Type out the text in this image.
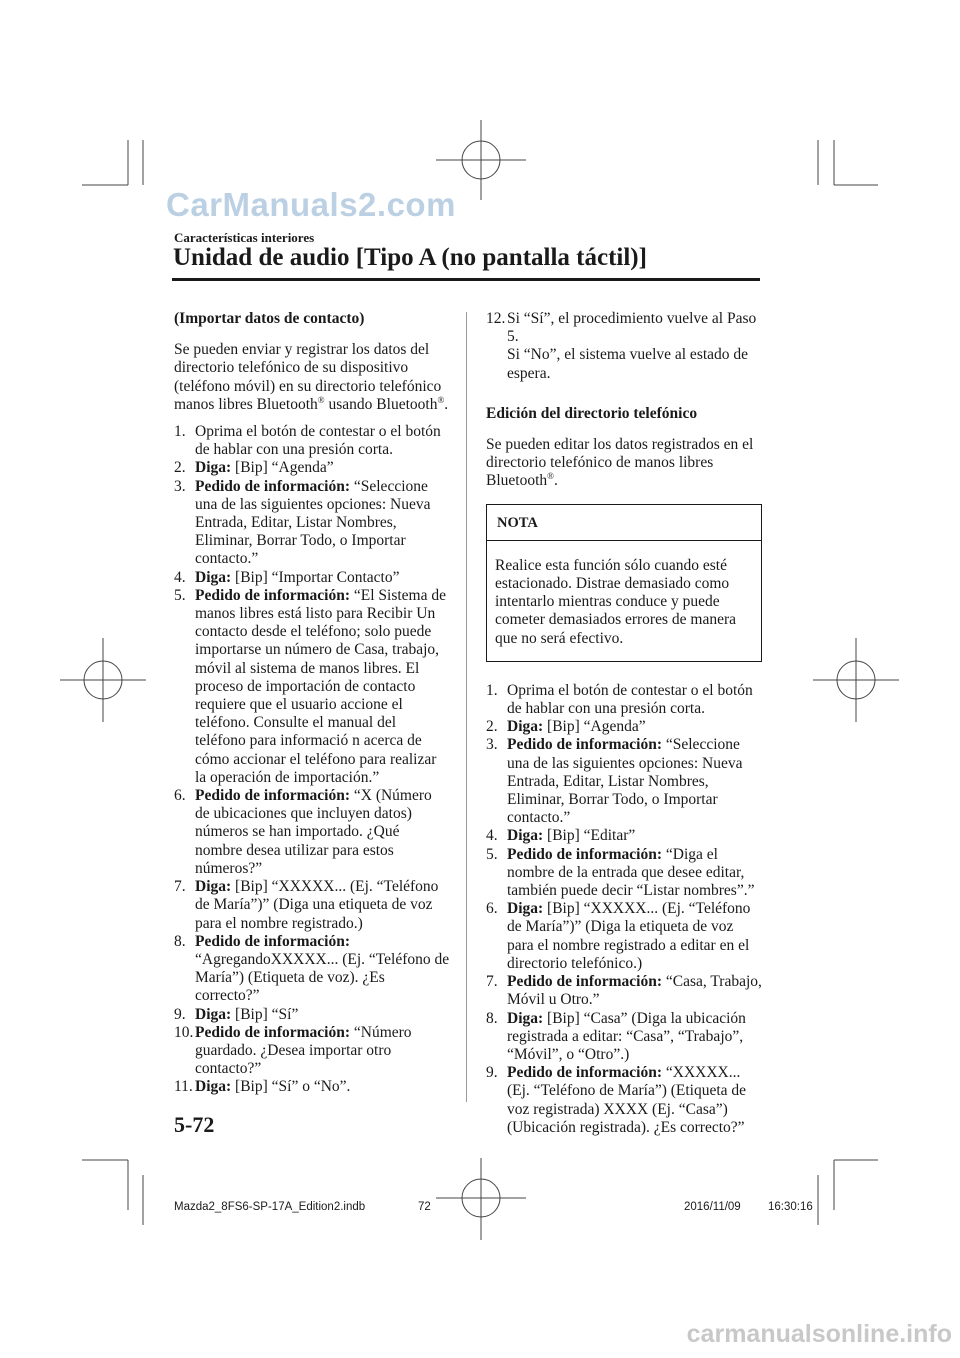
CarManuals2.com
Características interiores
Unidad de audio [Tipo A (no pantalla táctil)]

(Importar datos de contacto)

Se pueden enviar y registrar los datos del directorio telefónico de su dispositivo (teléfono móvil) en su directorio telefónico manos libres Bluetooth® usando Bluetooth®.

1. Oprima el botón de contestar o el botón de hablar con una presión corta.
2. Diga: [Bip] “Agenda”
3. Pedido de información: “Seleccione una de las siguientes opciones: Nueva Entrada, Editar, Listar Nombres, Eliminar, Borrar Todo, o Importar contacto.”
4. Diga: [Bip] “Importar Contacto”
5. Pedido de información: “El Sistema de manos libres está listo para Recibir Un contacto desde el teléfono; solo puede importarse un número de Casa, trabajo, móvil al sistema de manos libres. El proceso de importación de contacto requiere que el usuario accione el teléfono. Consulte el manual del teléfono para informació n acerca de cómo accionar el teléfono para realizar la operación de importación.”
6. Pedido de información: “X (Número de ubicaciones que incluyen datos) números se han importado. ¿Qué nombre desea utilizar para estos números?”
7. Diga: [Bip] “XXXXX... (Ej. “Teléfono de María”)” (Diga una etiqueta de voz para el nombre registrado.)
8. Pedido de información: “AgregandoXXXXX... (Ej. “Teléfono de María”) (Etiqueta de voz). ¿Es correcto?”
9. Diga: [Bip] “Sí”
10. Pedido de información: “Número guardado. ¿Desea importar otro contacto?”
11. Diga: [Bip] “Sí” o “No”.
12. Si “Sí”, el procedimiento vuelve al Paso 5.
Si “No”, el sistema vuelve al estado de espera.

Edición del directorio telefónico

Se pueden editar los datos registrados en el directorio telefónico de manos libres Bluetooth®.

NOTA
Realice esta función sólo cuando esté estacionado. Distrae demasiado como intentarlo mientras conduce y puede cometer demasiados errores de manera que no será efectivo.
1. Oprima el botón de contestar o el botón de hablar con una presión corta.
2. Diga: [Bip] “Agenda”
3. Pedido de información: “Seleccione una de las siguientes opciones: Nueva Entrada, Editar, Listar Nombres, Eliminar, Borrar Todo, o Importar contacto.”
4. Diga: [Bip] “Editar”
5. Pedido de información: “Diga el nombre de la entrada que desee editar, también puede decir “Listar nombres”.”
6. Diga: [Bip] “XXXXX... (Ej. “Teléfono de María”)” (Diga la etiqueta de voz para el nombre registrado a editar en el directorio telefónico.)
7. Pedido de información: “Casa, Trabajo, Móvil u Otro.”
8. Diga: [Bip] “Casa” (Diga la ubicación registrada a editar: “Casa”, “Trabajo”, “Móvil”, o “Otro”.)
9. Pedido de información: “XXXXX... (Ej. “Teléfono de María”) (Etiqueta de voz registrada) XXXX (Ej. “Casa”) (Ubicación registrada). ¿Es correcto?”
5-72
Mazda2_8FS6-SP-17A_Edition2.indb	72	2016/11/09 16:30:16
carmanualsonline.info
